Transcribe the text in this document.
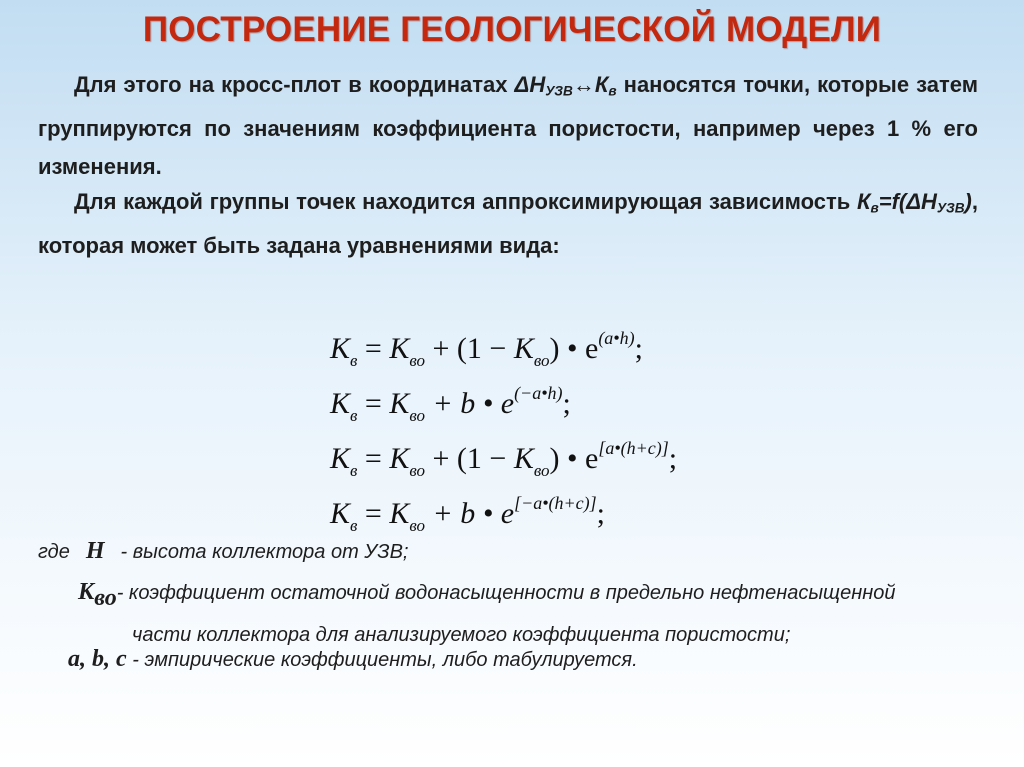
ПОСТРОЕНИЕ ГЕОЛОГИЧЕСКОЙ МОДЕЛИ
Для этого на кросс-плот в координатах $\Delta Н_{УЗВ}\leftrightarrow К_в$ наносятся точки, которые затем группируются по значениям коэффициента пористости, например через 1 % его изменения.
Для каждой группы точек находится аппроксимирующая зависимость $К_в=f(\Delta Н_{УЗВ})$, которая может быть задана уравнениями вида:
$K_в = K_{во} + (1 - K_{во})$ • $e^{(a•h)}$;
$K_в = K_{во} + b$ • $e^{(-a•h)}$;
$K_в = K_{во} + (1 - K_{во})$ • e[a•(h+c)];
$K_в = K_{во} + b$ • e[−a•(h+c)];
где H - высота коллектора от УЗВ;
Кво- коэффициент остаточной водонасыщенности в предельно нефтенасыщенной
части коллектора для анализируемого коэффициента пористости;
a, b, c - эмпирические коэффициенты, либо табулируется.
